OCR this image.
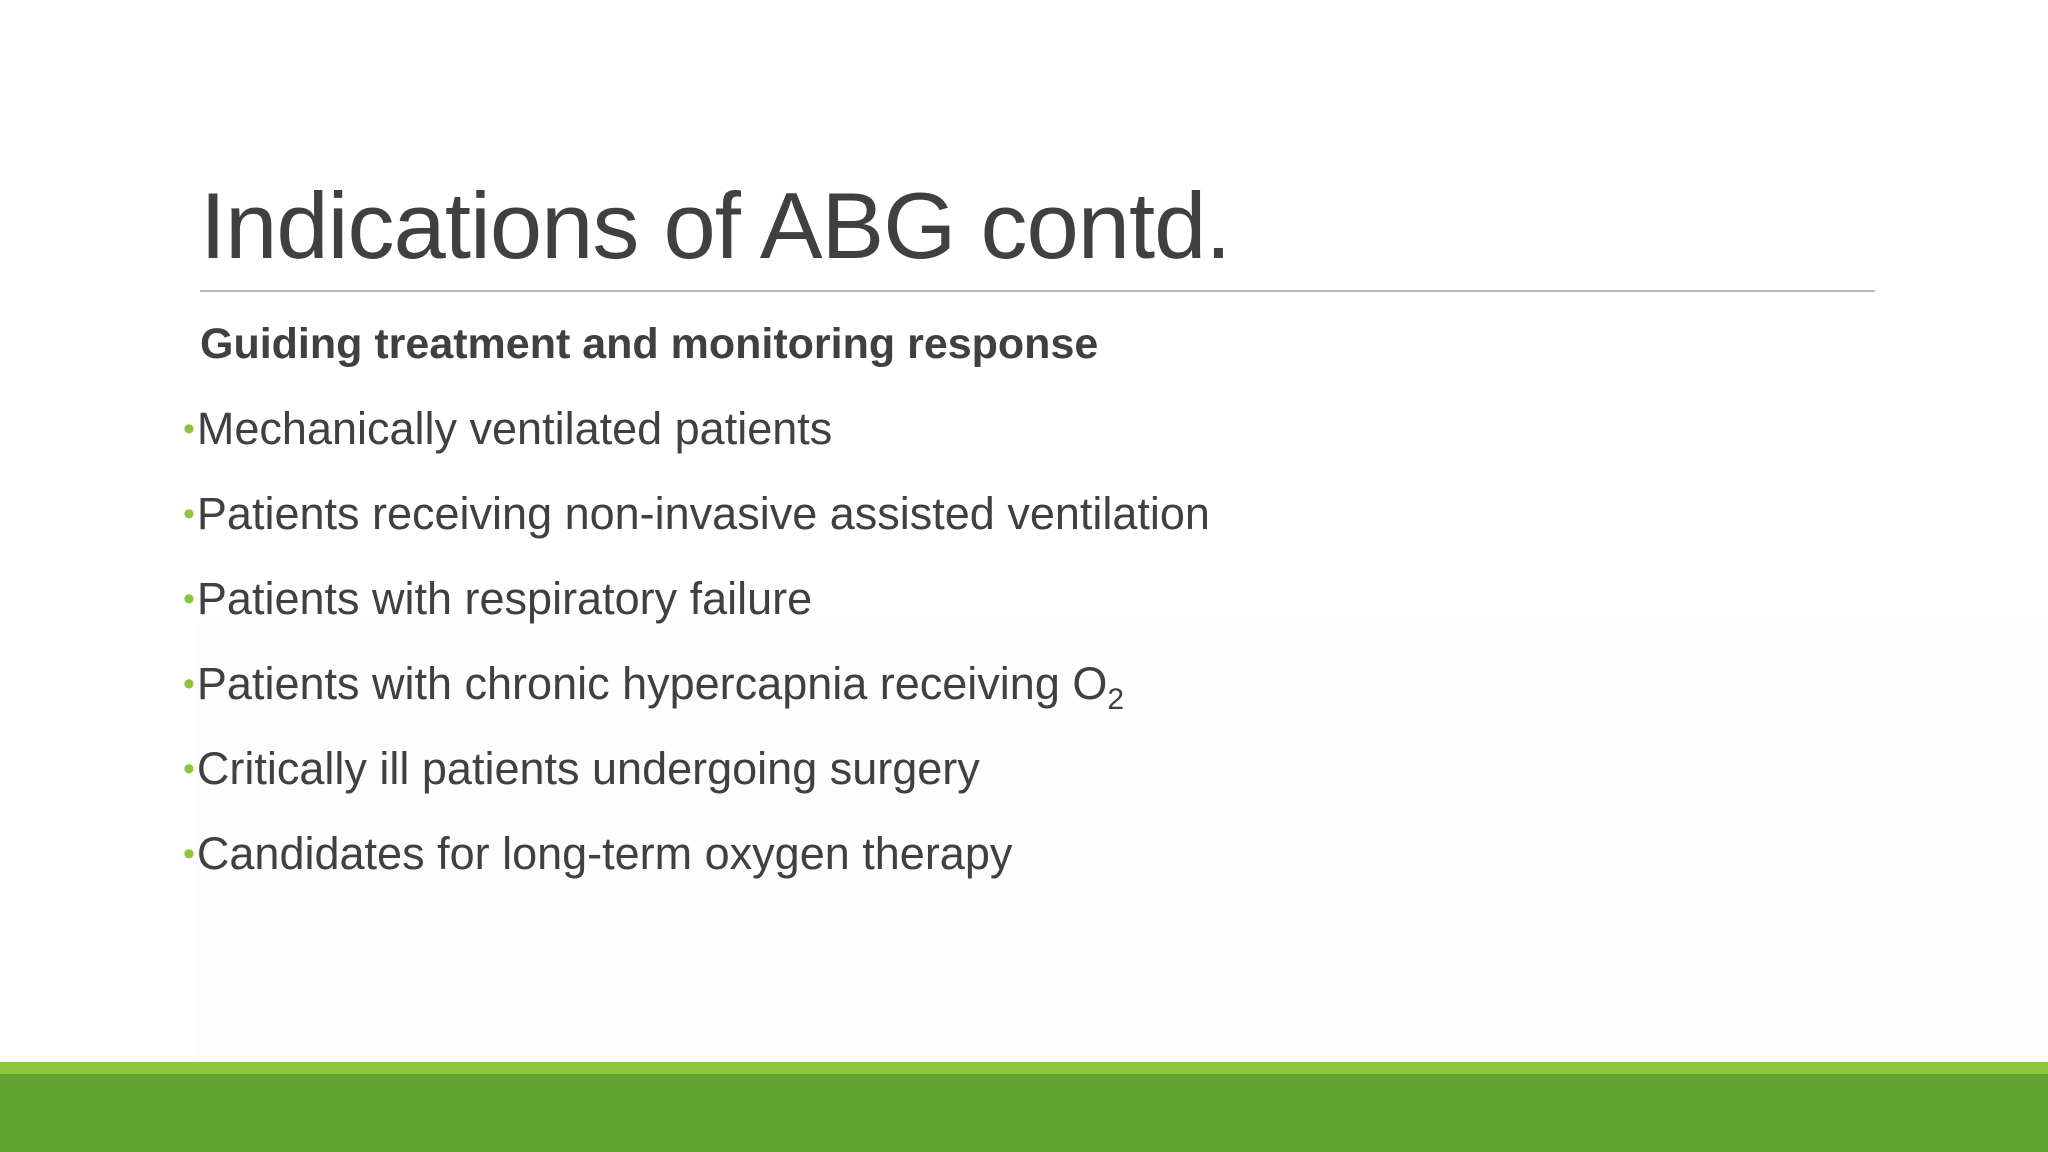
Indications of ABG contd.

Guiding treatment and monitoring response

•Mechanically ventilated patients
•Patients receiving non-invasive assisted ventilation
•Patients with respiratory failure
•Patients with chronic hypercapnia receiving $O_2$
•Critically ill patients undergoing surgery
•Candidates for long-term oxygen therapy
